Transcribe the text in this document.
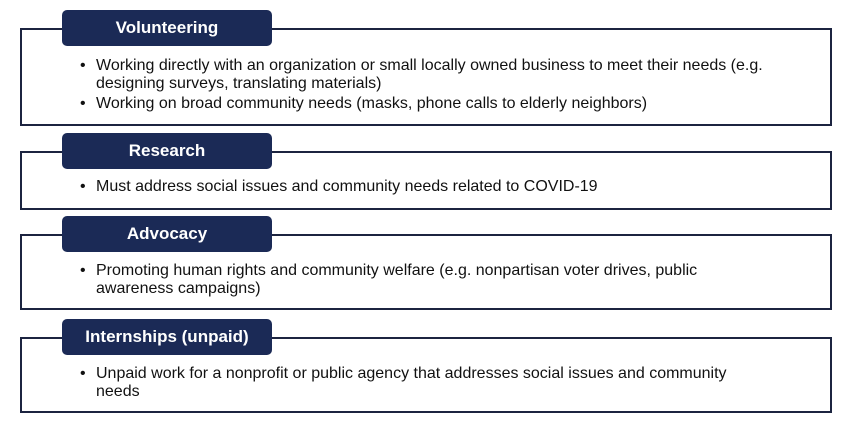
Volunteering
• Working directly with an organization or small locally owned business to meet their needs (e.g. designing surveys, translating materials)
• Working on broad community needs (masks, phone calls to elderly neighbors)
Research
• Must address social issues and community needs related to COVID-19
Advocacy
• Promoting human rights and community welfare (e.g. nonpartisan voter drives, public awareness campaigns)
Internships (unpaid)
• Unpaid work for a nonprofit or public agency that addresses social issues and community needs
